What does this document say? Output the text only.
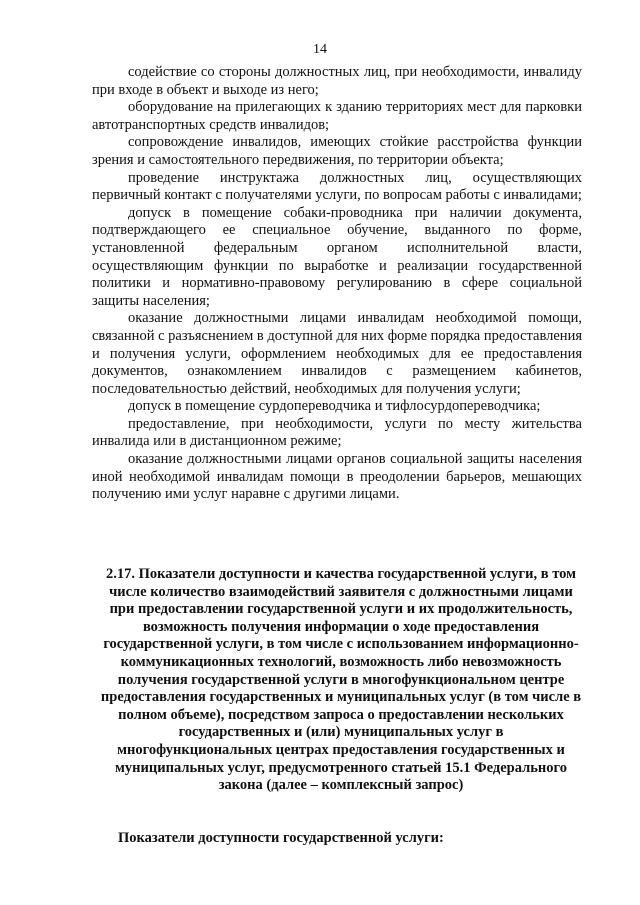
14

содействие со стороны должностных лиц, при необходимости, инвалиду при входе в объект и выходе из него;

оборудование на прилегающих к зданию территориях мест для парковки автотранспортных средств инвалидов;

сопровождение инвалидов, имеющих стойкие расстройства функции зрения и самостоятельного передвижения, по территории объекта;

проведение инструктажа должностных лиц, осуществляющих первичный контакт с получателями услуги, по вопросам работы с инвалидами;

допуск в помещение собаки-проводника при наличии документа, подтверждающего ее специальное обучение, выданного по форме, установленной федеральным органом исполнительной власти, осуществляющим функции по выработке и реализации государственной политики и нормативно-правовому регулированию в сфере социальной защиты населения;

оказание должностными лицами инвалидам необходимой помощи, связанной с разъяснением в доступной для них форме порядка предоставления и получения услуги, оформлением необходимых для ее предоставления документов, ознакомлением инвалидов с размещением кабинетов, последовательностью действий, необходимых для получения услуги;

допуск в помещение сурдопереводчика и тифлосурдопереводчика;

предоставление, при необходимости, услуги по месту жительства инвалида или в дистанционном режиме;

оказание должностными лицами органов социальной защиты населения иной необходимой инвалидам помощи в преодолении барьеров, мешающих получению ими услуг наравне с другими лицами.

2.17. Показатели доступности и качества государственной услуги, в том числе количество взаимодействий заявителя с должностными лицами при предоставлении государственной услуги и их продолжительность, возможность получения информации о ходе предоставления государственной услуги, в том числе с использованием информационно-коммуникационных технологий, возможность либо невозможность получения государственной услуги в многофункциональном центре предоставления государственных и муниципальных услуг (в том числе в полном объеме), посредством запроса о предоставлении нескольких государственных и (или) муниципальных услуг в многофункциональных центрах предоставления государственных и муниципальных услуг, предусмотренного статьей 15.1 Федерального закона (далее – комплексный запрос)

Показатели доступности государственной услуги:
